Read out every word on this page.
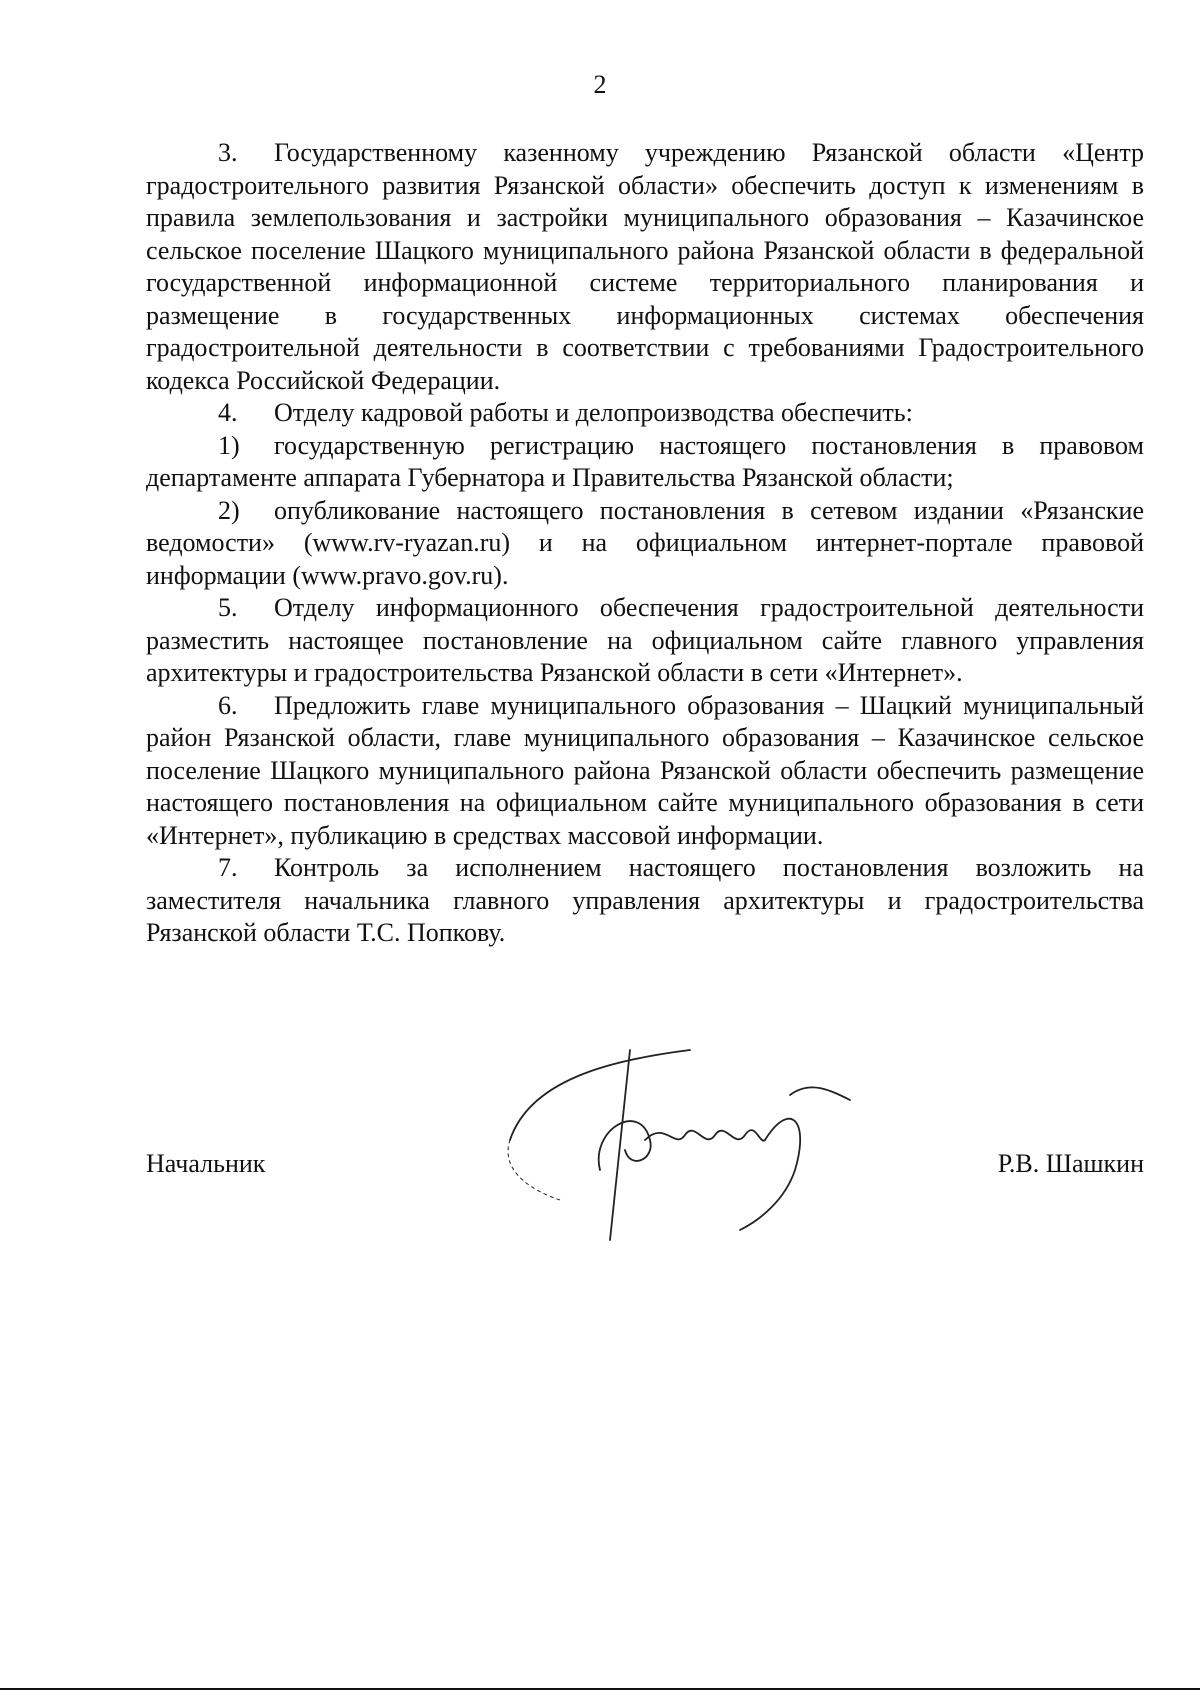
2

3. Государственному казенному учреждению Рязанской области «Центр градостроительного развития Рязанской области» обеспечить доступ к изменениям в правила землепользования и застройки муниципального образования – Казачинское сельское поселение Шацкого муниципального района Рязанской области в федеральной государственной информационной системе территориального планирования и размещение в государственных информационных системах обеспечения градостроительной деятельности в соответствии с требованиями Градостроительного кодекса Российской Федерации.

4. Отделу кадровой работы и делопроизводства обеспечить:

1) государственную регистрацию настоящего постановления в правовом департаменте аппарата Губернатора и Правительства Рязанской области;

2) опубликование настоящего постановления в сетевом издании «Рязанские ведомости» (www.rv-ryazan.ru) и на официальном интернет-портале правовой информации (www.pravo.gov.ru).

5. Отделу информационного обеспечения градостроительной деятельности разместить настоящее постановление на официальном сайте главного управления архитектуры и градостроительства Рязанской области в сети «Интернет».

6. Предложить главе муниципального образования – Шацкий муниципальный район Рязанской области, главе муниципального образования – Казачинское сельское поселение Шацкого муниципального района Рязанской области обеспечить размещение настоящего постановления на официальном сайте муниципального образования в сети «Интернет», публикацию в средствах массовой информации.

7. Контроль за исполнением настоящего постановления возложить на заместителя начальника главного управления архитектуры и градостроительства Рязанской области Т.С. Попкову.

Начальник	Р.В. Шашкин
